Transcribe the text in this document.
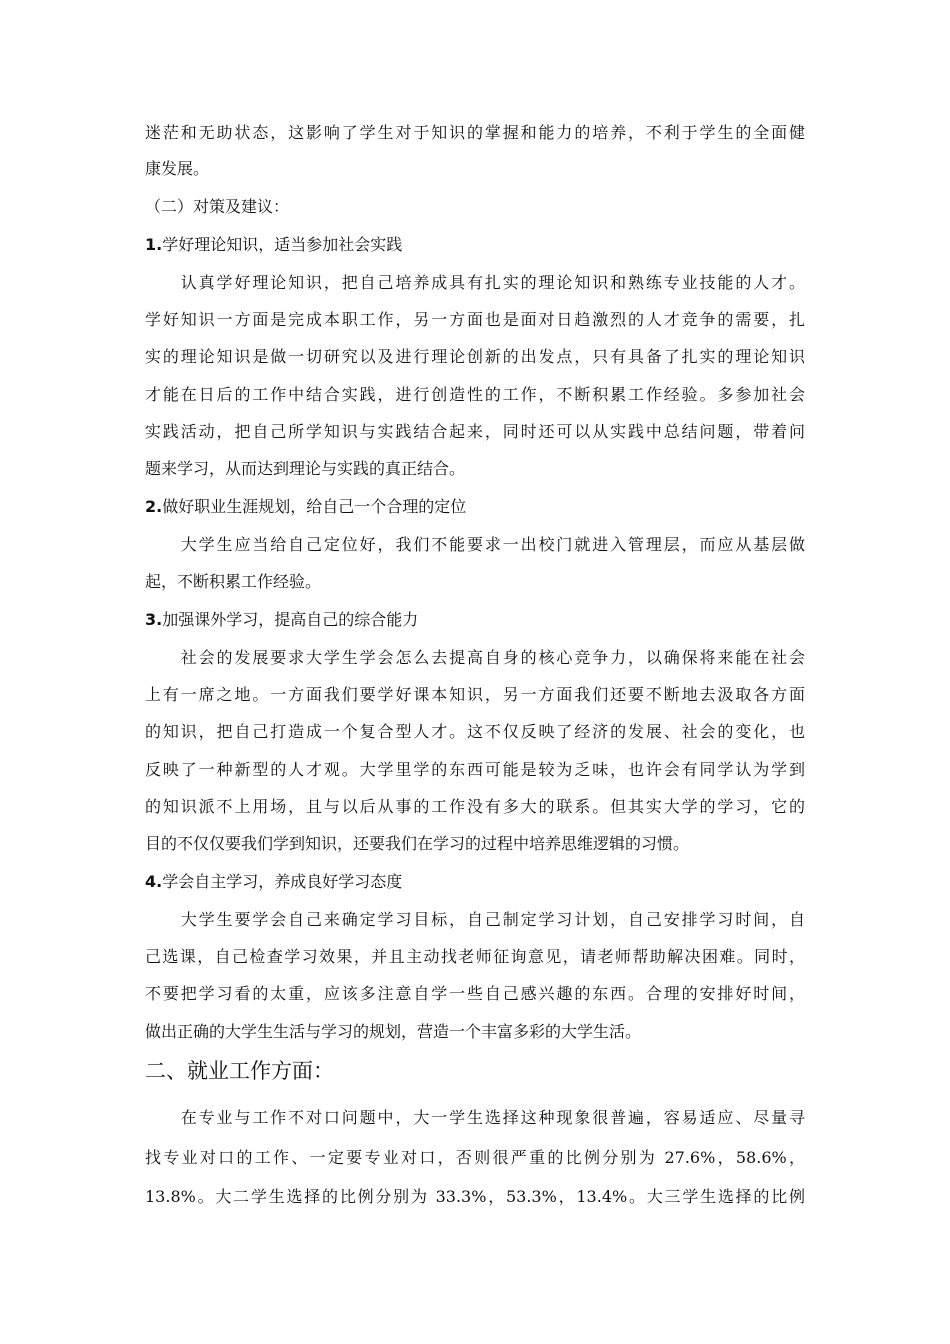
迷茫和无助状态，这影响了学生对于知识的掌握和能力的培养，不利于学生的全面健
康发展。
（二）对策及建议：
1.学好理论知识，适当参加社会实践
　　认真学好理论知识，把自己培养成具有扎实的理论知识和熟练专业技能的人才。
学好知识一方面是完成本职工作，另一方面也是面对日趋激烈的人才竞争的需要，扎
实的理论知识是做一切研究以及进行理论创新的出发点，只有具备了扎实的理论知识
才能在日后的工作中结合实践，进行创造性的工作，不断积累工作经验。多参加社会
实践活动，把自己所学知识与实践结合起来，同时还可以从实践中总结问题，带着问
题来学习，从而达到理论与实践的真正结合。
2.做好职业生涯规划，给自己一个合理的定位
　　大学生应当给自己定位好，我们不能要求一出校门就进入管理层，而应从基层做
起，不断积累工作经验。
3.加强课外学习，提高自己的综合能力
　　社会的发展要求大学生学会怎么去提高自身的核心竞争力，以确保将来能在社会
上有一席之地。一方面我们要学好课本知识，另一方面我们还要不断地去汲取各方面
的知识，把自己打造成一个复合型人才。这不仅反映了经济的发展、社会的变化，也
反映了一种新型的人才观。大学里学的东西可能是较为乏味，也许会有同学认为学到
的知识派不上用场，且与以后从事的工作没有多大的联系。但其实大学的学习，它的
目的不仅仅要我们学到知识，还要我们在学习的过程中培养思维逻辑的习惯。
4.学会自主学习，养成良好学习态度
　　大学生要学会自己来确定学习目标，自己制定学习计划，自己安排学习时间，自
己选课，自己检查学习效果，并且主动找老师征询意见，请老师帮助解决困难。同时，
不要把学习看的太重，应该多注意自学一些自己感兴趣的东西。合理的安排好时间，
做出正确的大学生生活与学习的规划，营造一个丰富多彩的大学生活。
二、就业工作方面：
　　在专业与工作不对口问题中，大一学生选择这种现象很普遍，容易适应、尽量寻
找专业对口的工作、一定要专业对口，否则很严重的比例分别为 27.6%，58.6%，
13.8%。大二学生选择的比例分别为 33.3%，53.3%，13.4%。大三学生选择的比例
